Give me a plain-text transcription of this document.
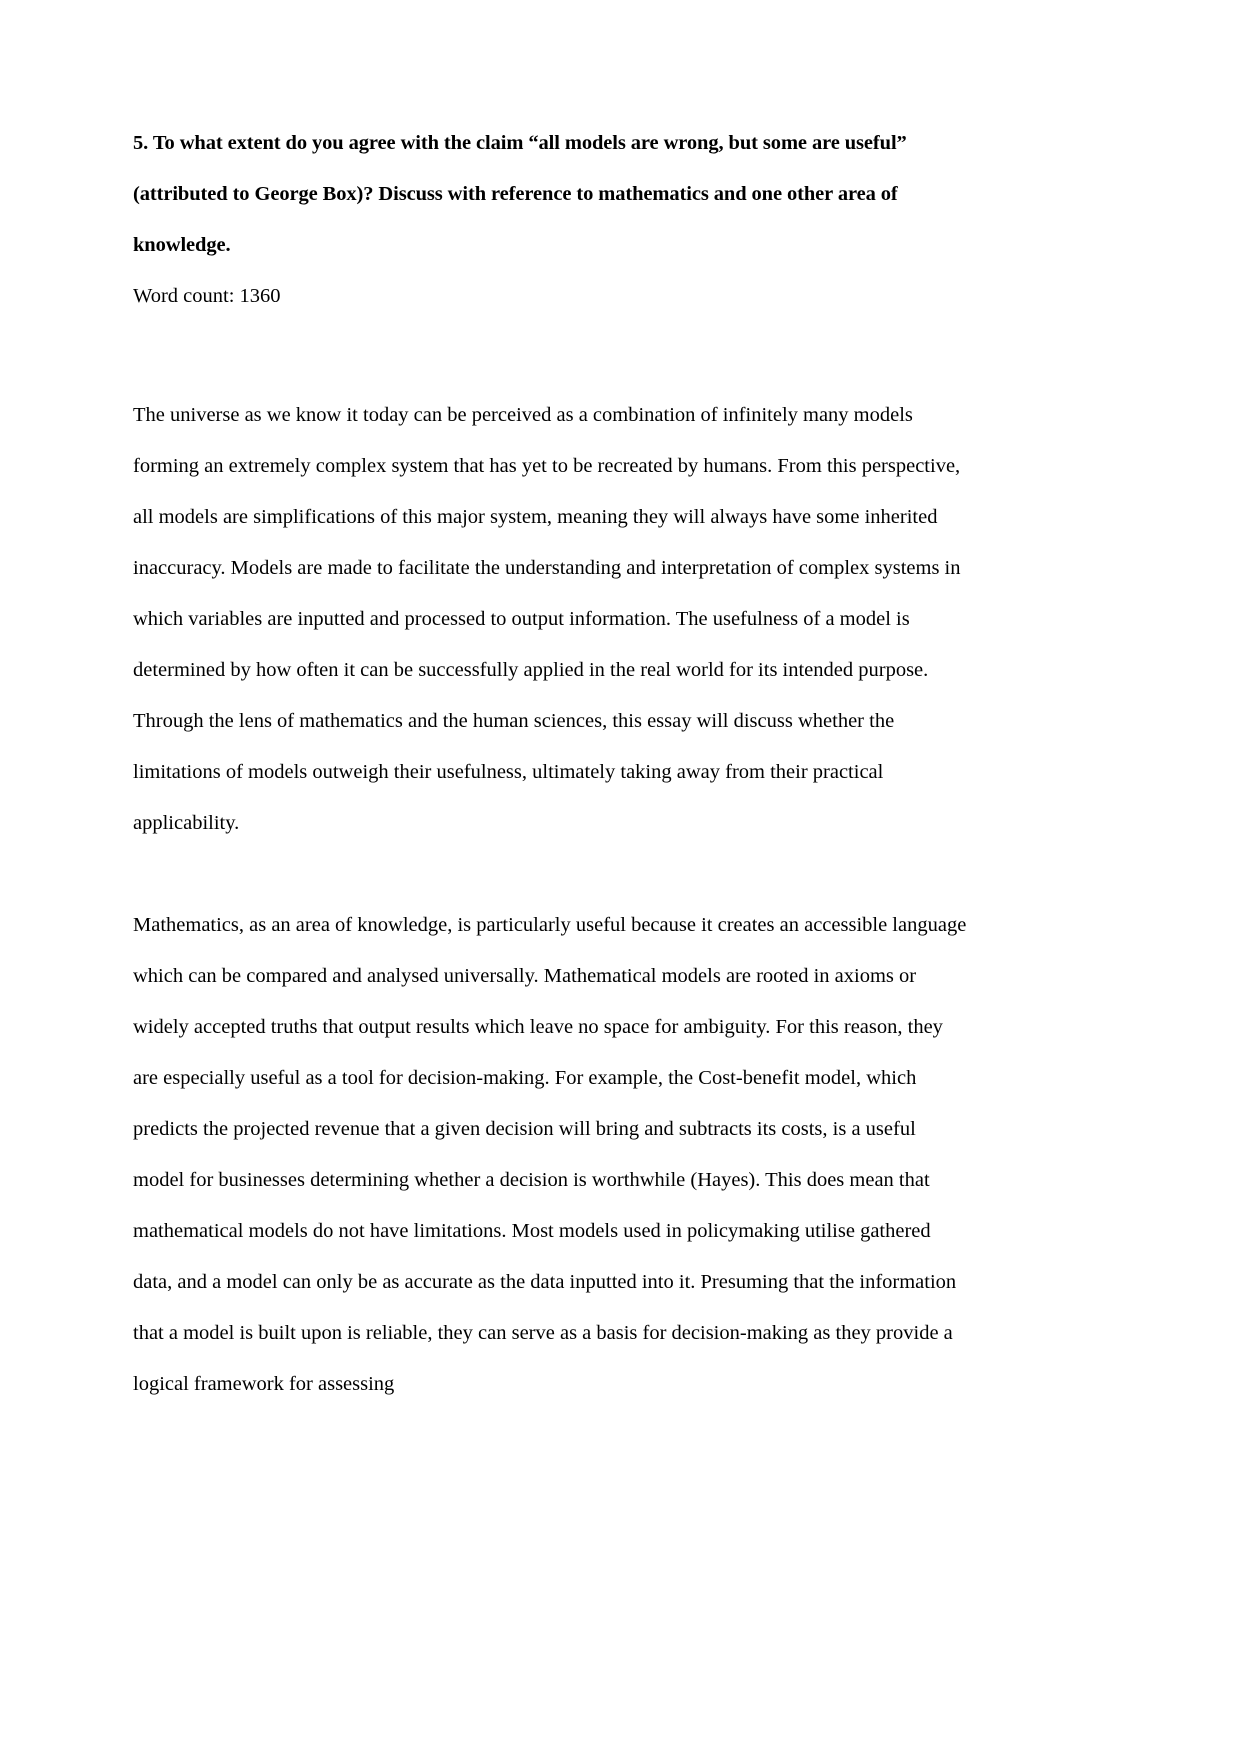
5. To what extent do you agree with the claim “all models are wrong, but some are useful” (attributed to George Box)? Discuss with reference to mathematics and one other area of knowledge.

Word count: 1360

The universe as we know it today can be perceived as a combination of infinitely many models forming an extremely complex system that has yet to be recreated by humans. From this perspective, all models are simplifications of this major system, meaning they will always have some inherited inaccuracy. Models are made to facilitate the understanding and interpretation of complex systems in which variables are inputted and processed to output information. The usefulness of a model is determined by how often it can be successfully applied in the real world for its intended purpose. Through the lens of mathematics and the human sciences, this essay will discuss whether the limitations of models outweigh their usefulness, ultimately taking away from their practical applicability.

Mathematics, as an area of knowledge, is particularly useful because it creates an accessible language which can be compared and analysed universally. Mathematical models are rooted in axioms or widely accepted truths that output results which leave no space for ambiguity. For this reason, they are especially useful as a tool for decision-making. For example, the Cost-benefit model, which predicts the projected revenue that a given decision will bring and subtracts its costs, is a useful model for businesses determining whether a decision is worthwhile (Hayes). This does mean that mathematical models do not have limitations. Most models used in policymaking utilise gathered data, and a model can only be as accurate as the data inputted into it. Presuming that the information that a model is built upon is reliable, they can serve as a basis for decision-making as they provide a logical framework for assessing
